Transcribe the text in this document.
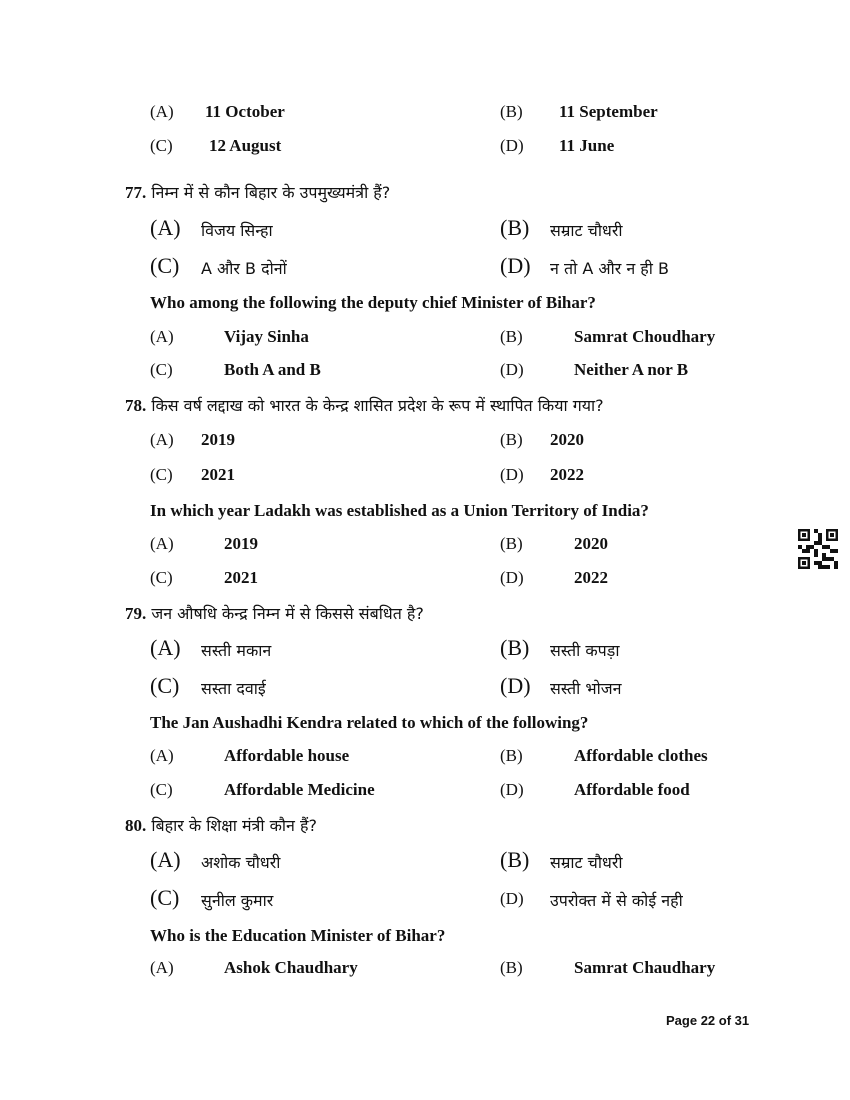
(A) 11 October	(B) 11 September
(C) 12 August	(D) 11 June
77. निम्न में से कौन बिहार के उपमुख्यमंत्री हैं?
(A) विजय सिन्हा	(B) सम्राट चौधरी
(C) A और B दोनों	(D) न तो A और न ही B
Who among the following the deputy chief Minister of Bihar?
(A)	Vijay Sinha	(B)	Samrat Choudhary
(C)	Both A and B	(D)	Neither A nor B
78. किस वर्ष लद्दाख को भारत के केन्द्र शासित प्रदेश के रूप में स्थापित किया गया?
(A) 2019	(B) 2020
(C) 2021	(D) 2022
In which year Ladakh was established as a Union Territory of India?
(A)	2019	(B)	2020
(C)	2021	(D)	2022
79. जन औषधि केन्द्र निम्न में से किससे संबधित है?
(A) सस्ती मकान	(B) सस्ती कपड़ा
(C) सस्ता दवाई	(D) सस्ती भोजन
The Jan Aushadhi Kendra related to which of the following?
(A)	Affordable house	(B)	Affordable clothes
(C)	Affordable Medicine	(D)	Affordable food
80. बिहार के शिक्षा मंत्री कौन हैं?
(A) अशोक चौधरी	(B) सम्राट चौधरी
(C) सुनील कुमार	(D) उपरोक्त में से कोई नही
Who is the Education Minister of Bihar?
(A)	Ashok Chaudhary	(B)	Samrat Chaudhary
Page 22 of 31
